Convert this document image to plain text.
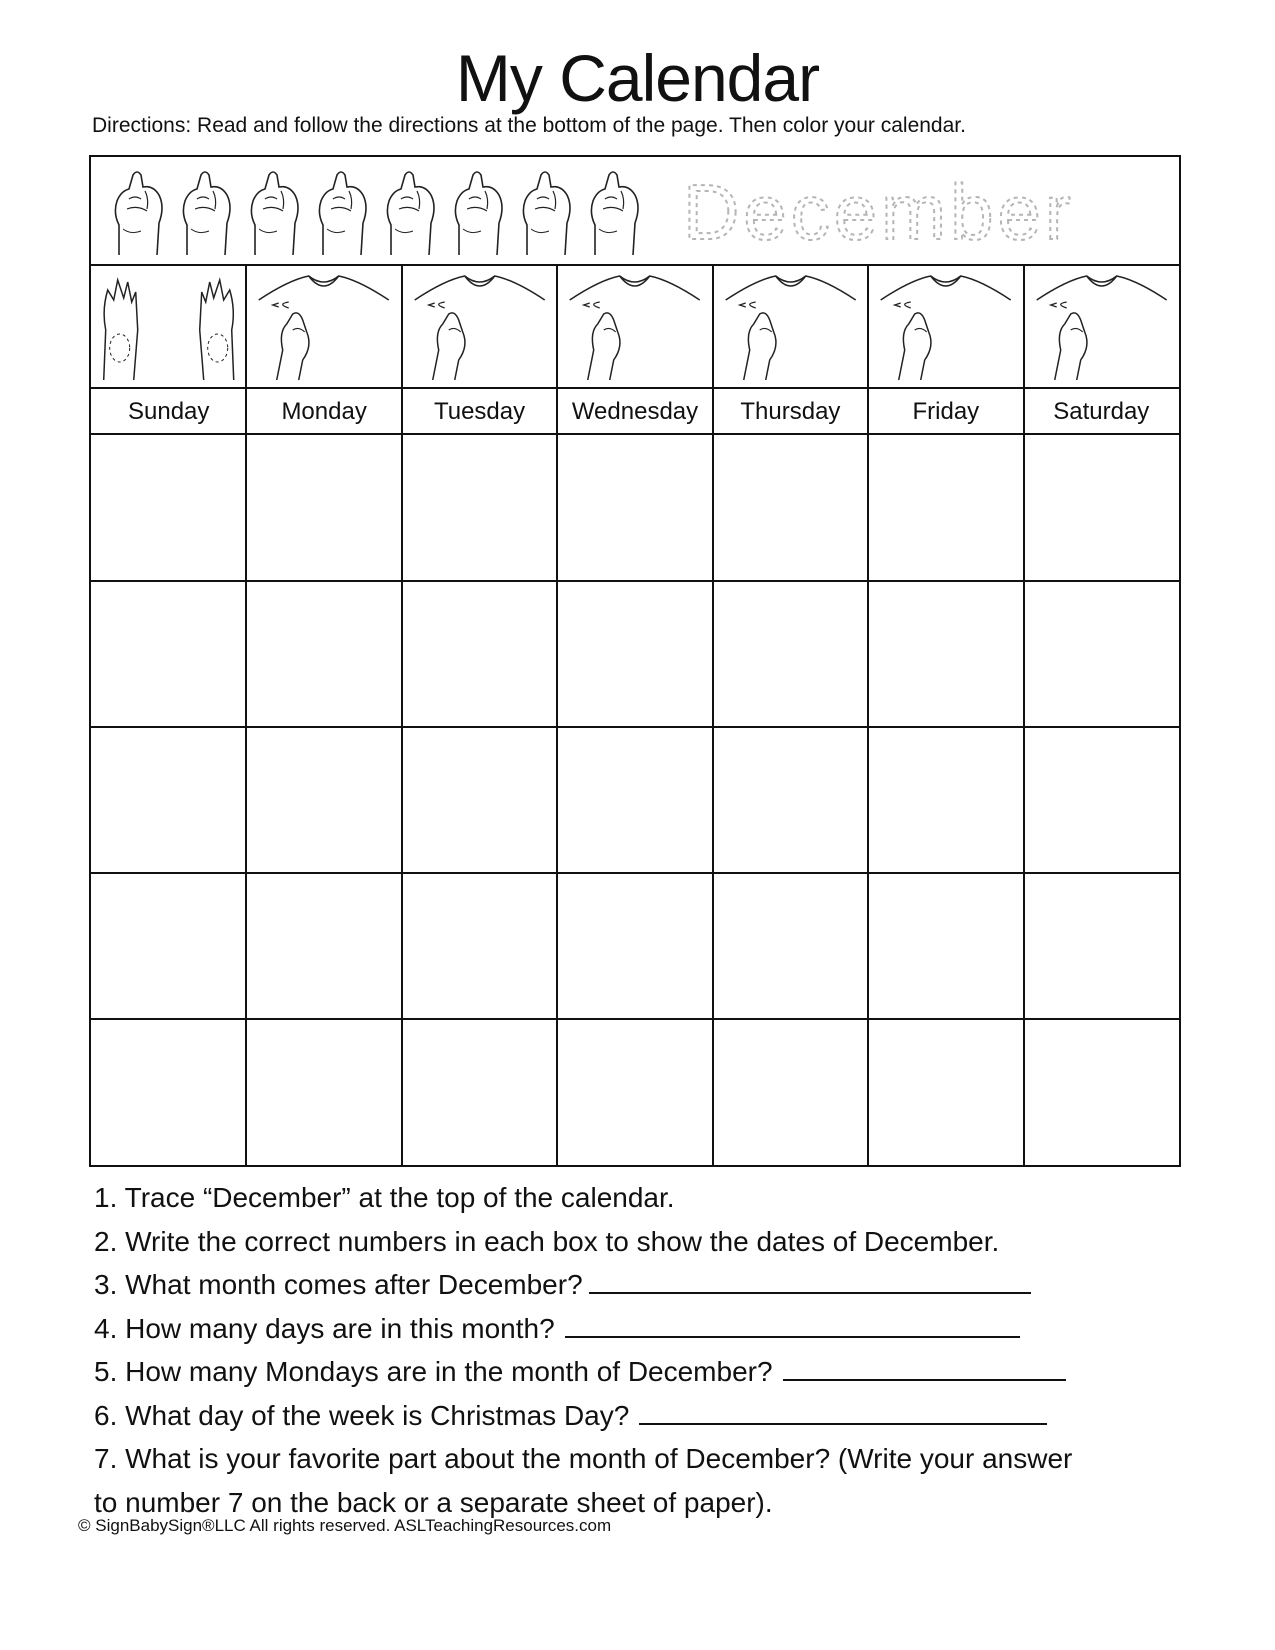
My Calendar
Directions: Read and follow the directions at the bottom of the page. Then color your calendar.
December
Sunday	Monday	Tuesday	Wednesday	Thursday	Friday	Saturday
1. Trace “December” at the top of the calendar.
2. Write the correct numbers in each box to show the dates of December.
3. What month comes after December?
4. How many days are in this month?
5. How many Mondays are in the month of December?
6. What day of the week is Christmas Day?
7. What is your favorite part about the month of December? (Write your answer
to number 7 on the back or a separate sheet of paper).
© SignBabySign®LLC All rights reserved. ASLTeachingResources.com
